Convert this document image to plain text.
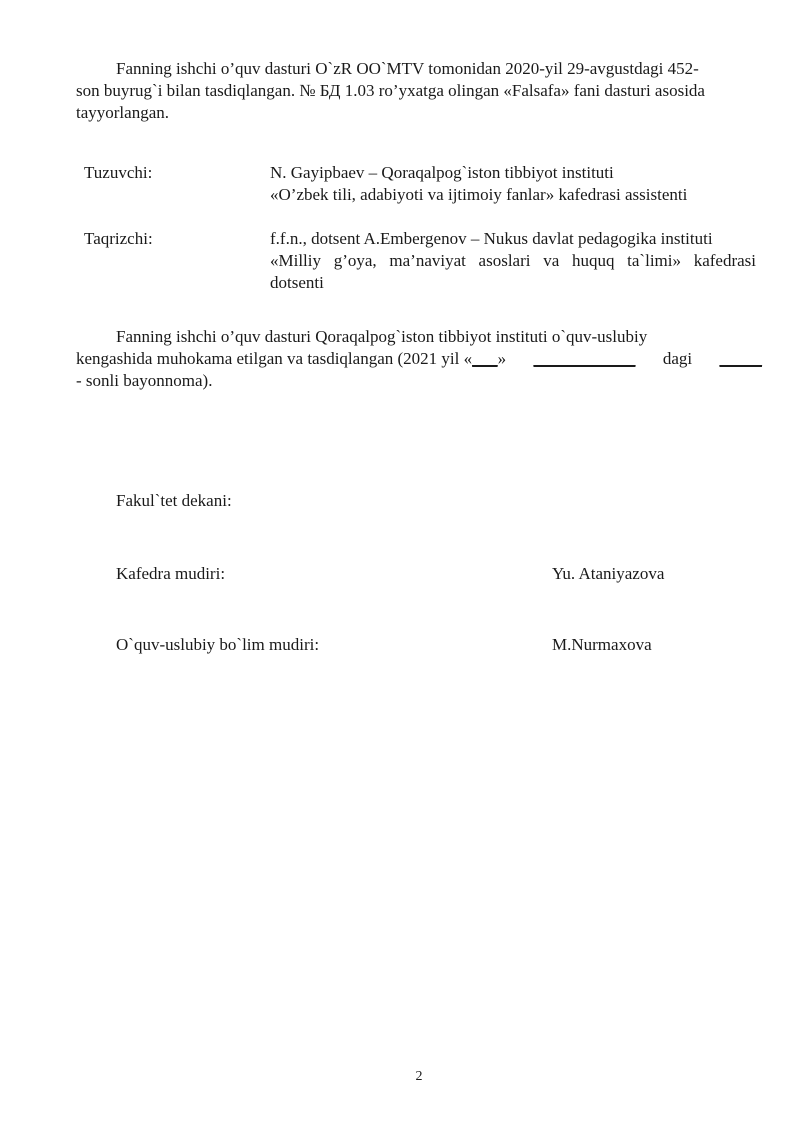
Fanning ishchi o’quv dasturi O`zR OO`MTV tomonidan 2020-yil 29-avgustdagi 452-
son buyrug`i bilan tasdiqlangan. № БД 1.03 ro’yxatga olingan «Falsafa» fani dasturi asosida
tayyorlangan.
Tuzuvchi:	N. Gayipbaev – Qoraqalpog`iston tibbiyot instituti
«O’zbek tili, adabiyoti va ijtimoiy fanlar» kafedrasi assistenti
Taqrizchi:	f.f.n., dotsent A.Embergenov – Nukus davlat pedagogika instituti
«Milliy g’oya, ma’naviyat asoslari va huquq ta`limi» kafedrasi
dotsenti
Fanning ishchi o’quv dasturi Qoraqalpog`iston tibbiyot instituti o`quv-uslubiy
kengashida muhokama etilgan va tasdiqlangan (2021 yil «___» ____________ dagi _____
- sonli bayonnoma).
Fakul`tet dekani:
Kafedra mudiri:	Yu. Ataniyazova
O`quv-uslubiy bo`lim mudiri:	M.Nurmaxova
2
